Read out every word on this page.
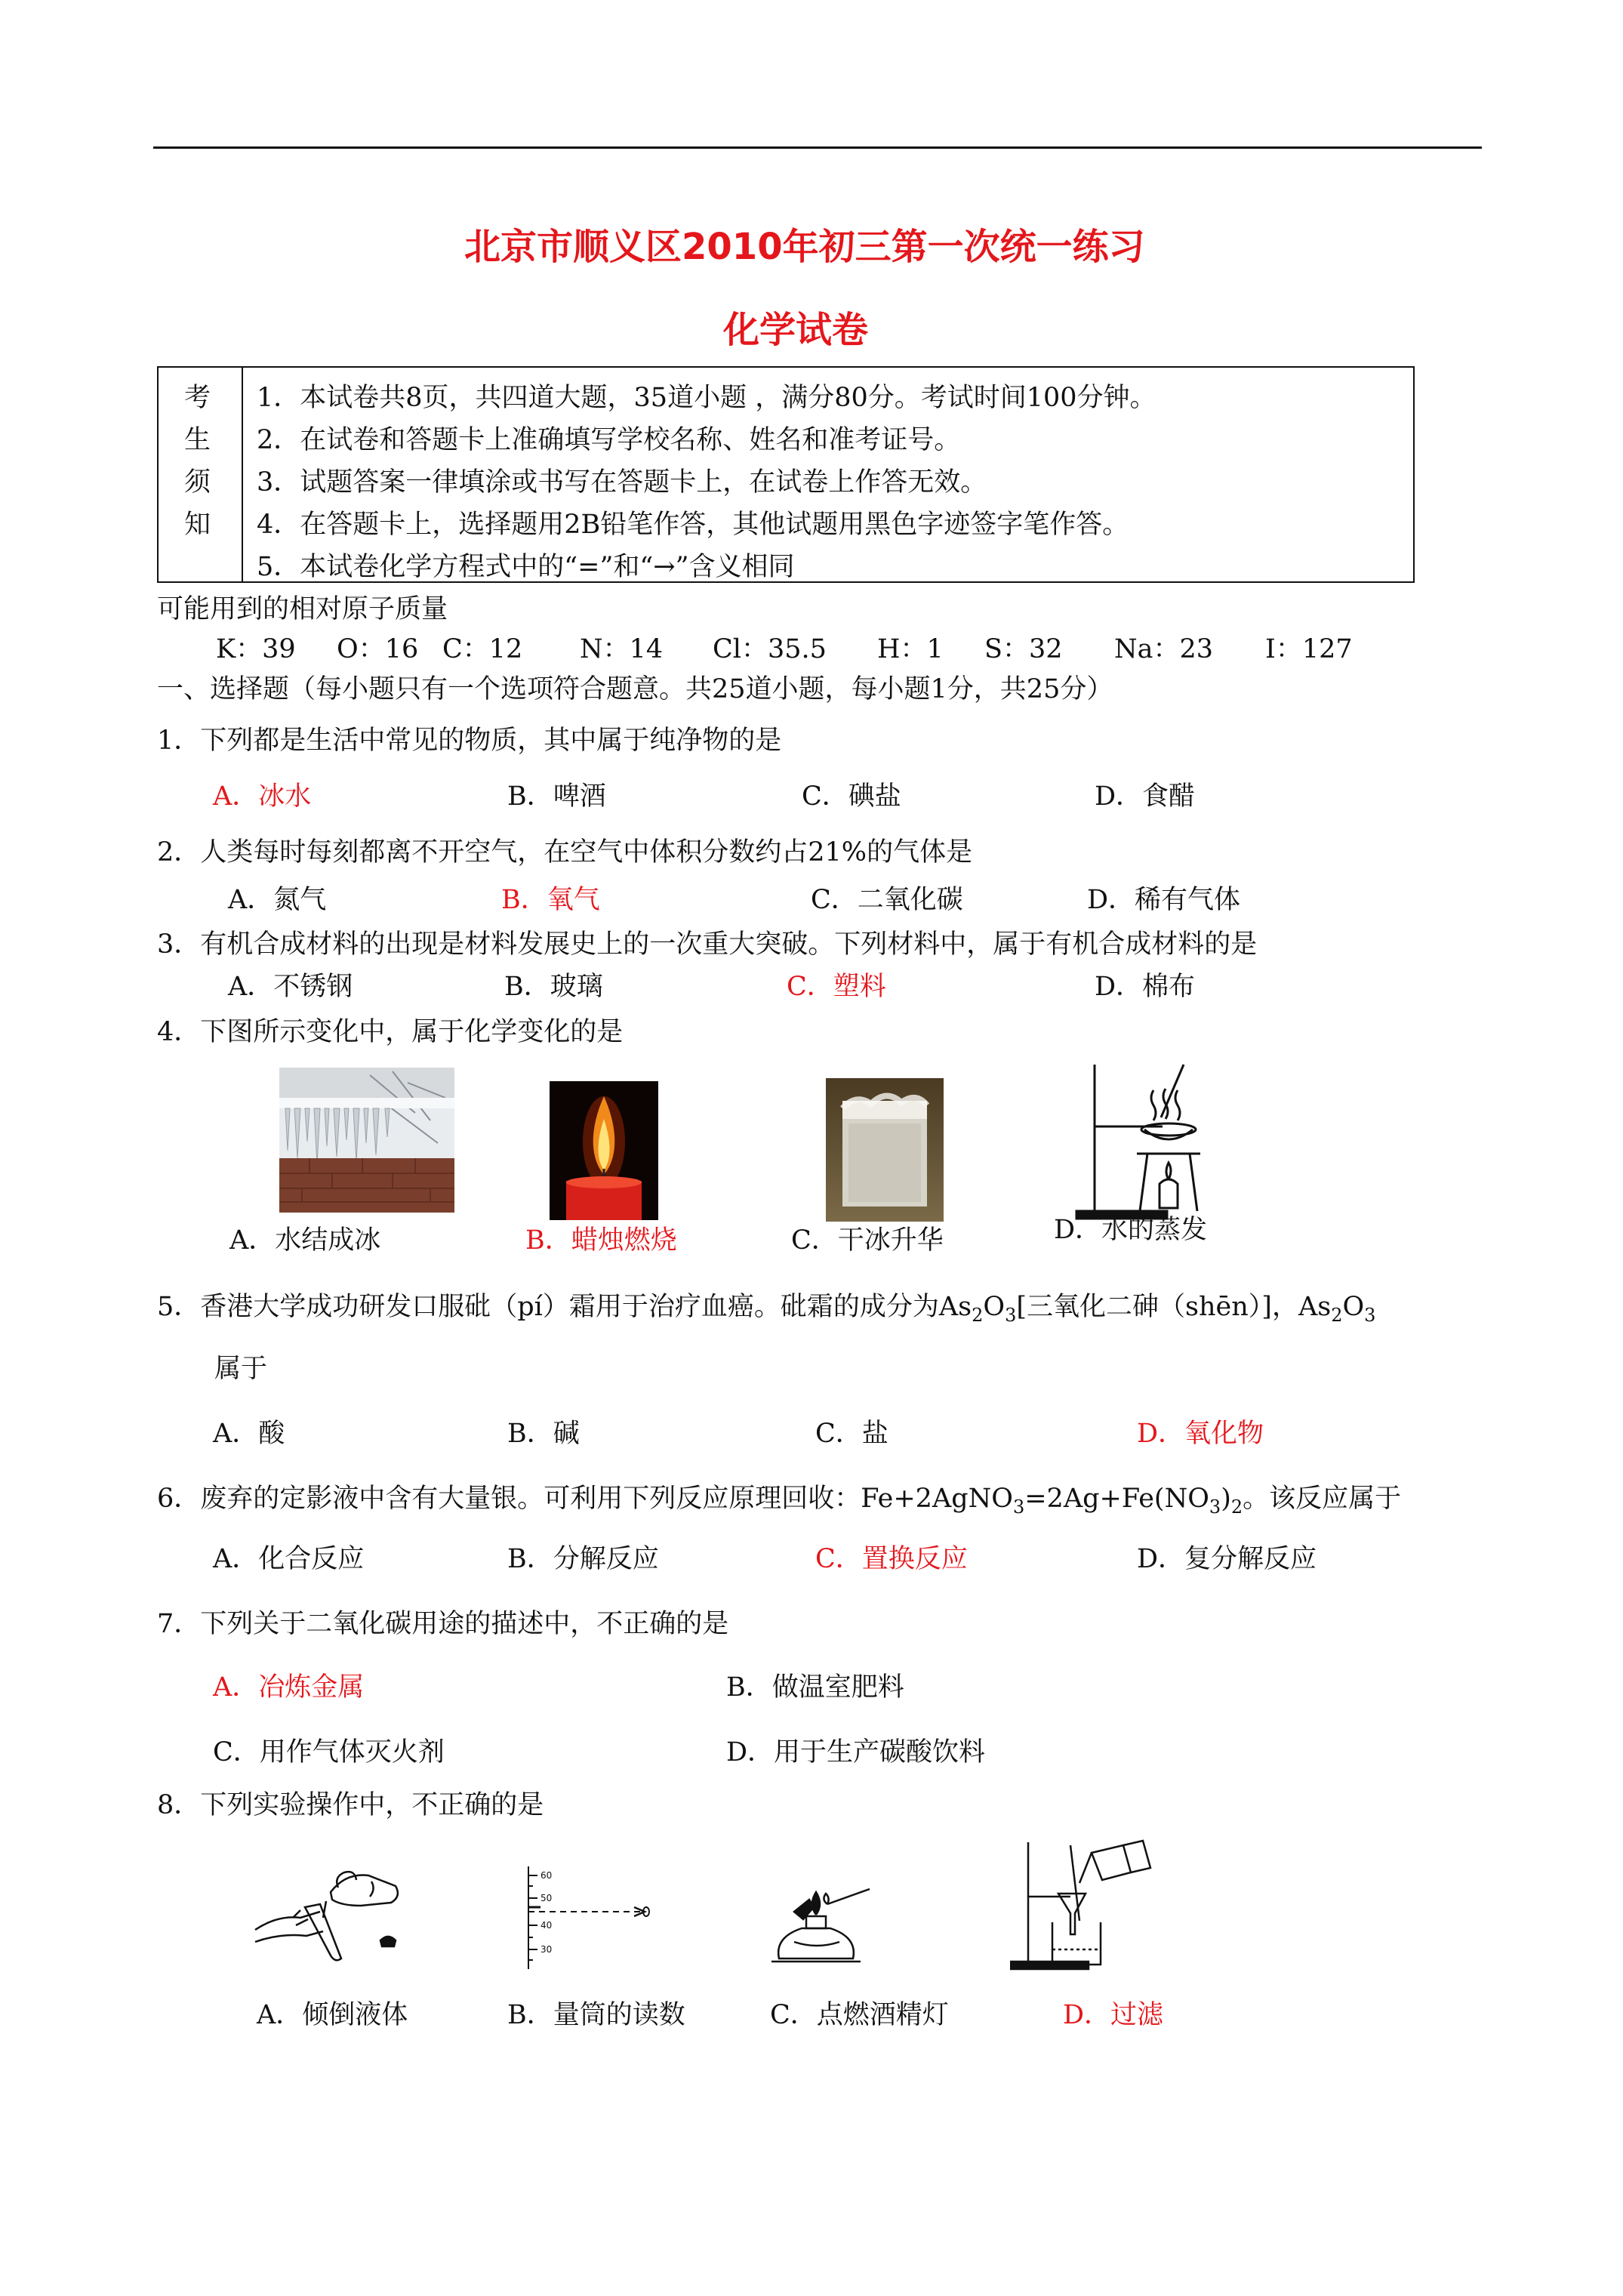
北京市顺义区2010年初三第一次统一练习
化学试卷
考
生
须
知
1．本试卷共8页，共四道大题，35道小题 ，满分80分。考试时间100分钟。
2．在试卷和答题卡上准确填写学校名称、姓名和准考证号。
3．试题答案一律填涂或书写在答题卡上，在试卷上作答无效。
4．在答题卡上，选择题用2B铅笔作答，其他试题用黑色字迹签字笔作答。
5．本试卷化学方程式中的“=”和“→”含义相同
可能用到的相对原子质量
K：39 O：16 C：12 N：14 Cl：35.5 H：1 S：32 Na：23 I：127
一、选择题（每小题只有一个选项符合题意。共25道小题，每小题1分，共25分）
1．下列都是生活中常见的物质，其中属于纯净物的是
A．冰水	B．啤酒	C．碘盐	D．食醋
2．人类每时每刻都离不开空气，在空气中体积分数约占21%的气体是
A．氮气	B．氧气	C．二氧化碳	D．稀有气体
3．有机合成材料的出现是材料发展史上的一次重大突破。下列材料中，属于有机合成材料的是
A．不锈钢	B．玻璃	C．塑料	D．棉布
4．下图所示变化中，属于化学变化的是
A．水结成冰	B．蜡烛燃烧	C．干冰升华	D．水的蒸发
5．香港大学成功研发口服砒（pí）霜用于治疗血癌。砒霜的成分为$As_2O_3$[三氧化二砷（shēn）]，$As_2O_3$
属于
A．酸	B．碱	C．盐	D．氧化物
6．废弃的定影液中含有大量银。可利用下列反应原理回收：$Fe+2AgNO_3=2Ag+Fe(NO_3)_2$。该反应属于
A．化合反应	B．分解反应	C．置换反应	D．复分解反应
7．下列关于二氧化碳用途的描述中，不正确的是
A．冶炼金属	B．做温室肥料
C．用作气体灭火剂	D．用于生产碳酸饮料
8．下列实验操作中，不正确的是
60
50
40
30
A．倾倒液体	B．量筒的读数	C．点燃酒精灯	D．过滤
